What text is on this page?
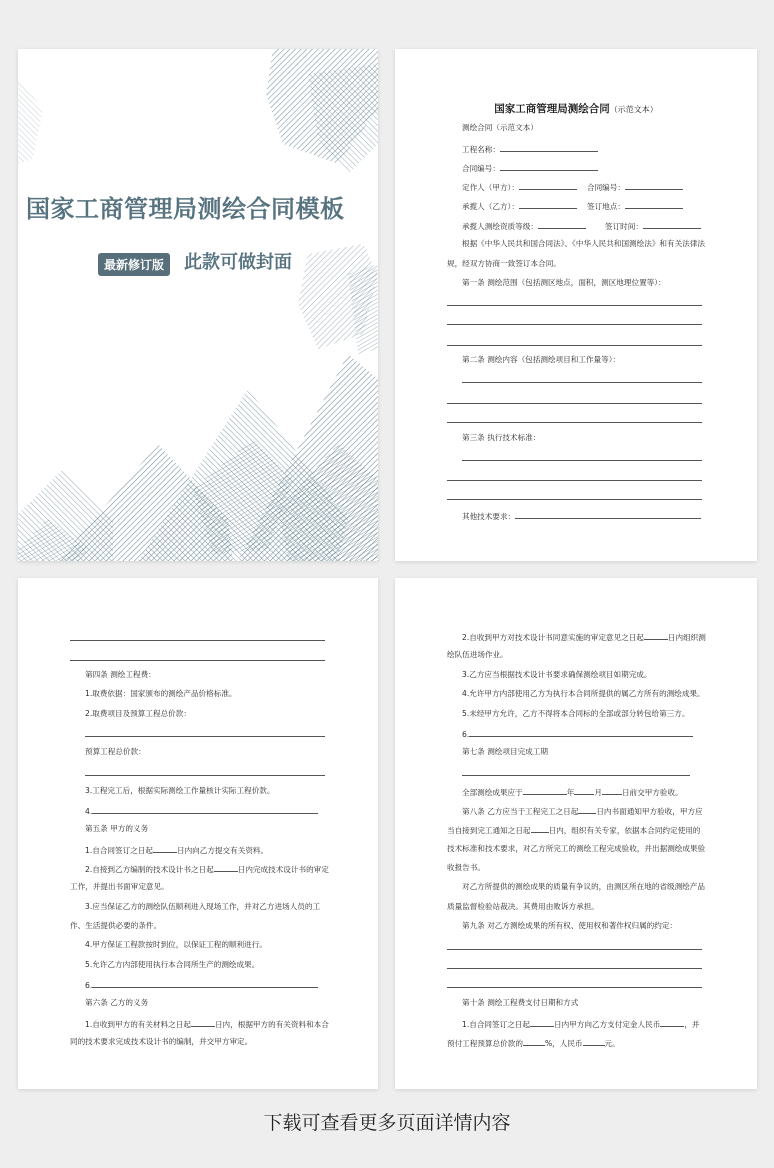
国家工商管理局测绘合同模板
最新修订版	此款可做封面
国家工商管理局测绘合同（示范文本）
测绘合同（示范文本）
工程名称：
合同编号：
定作人（甲方）：	合同编号：
承揽人（乙方）：	签订地点：
承揽人测绘资质等级：	签订时间：
根据《中华人民共和国合同法》、《中华人民共和国测绘法》和有关法律法
规，经双方协商一致签订本合同。
第一条 测绘范围（包括测区地点，面积，测区地理位置等）：
第二条 测绘内容（包括测绘项目和工作量等）：
第三条 执行技术标准：
其他技术要求：
第四条 测绘工程费：
1.取费依据：国家颁布的测绘产品价格标准。
2.取费项目及预算工程总价款：
预算工程总价款：
3.工程完工后，根据实际测绘工作量核计实际工程价款。
4.
第五条 甲方的义务
1.自合同签订之日起	日内向乙方提交有关资料。
2.自接到乙方编制的技术设计书之日起	日内完成技术设计书的审定
工作，并提出书面审定意见。
3.应当保证乙方的测绘队伍顺利进入现场工作，并对乙方进场人员的工
作、生活提供必要的条件。
4.甲方保证工程款按时到位，以保证工程的顺利进行。
5.允许乙方内部使用执行本合同所生产的测绘成果。
6.
第六条 乙方的义务
1.自收到甲方的有关材料之日起	日内，根据甲方的有关资料和本合
同的技术要求完成技术设计书的编制，并交甲方审定。
2.自收到甲方对技术设计书同意实施的审定意见之日起	日内组织测
绘队伍进场作业。
3.乙方应当根据技术设计书要求确保测绘项目如期完成。
4.允许甲方内部使用乙方为执行本合同所提供的属乙方所有的测绘成果。
5.未经甲方允许，乙方不得将本合同标的全部或部分转包给第三方。
6.
第七条 测绘项目完成工期
全部测绘成果应于	年	月	日前交甲方验收。
第八条 乙方应当于工程完工之日起 日内书面通知甲方验收，甲方应
当自接到完工通知之日起 日内，组织有关专家，依据本合同约定使用的
技术标准和技术要求，对乙方所完工的测绘工程完成验收，并出据测绘成果验
收报告书。
对乙方所提供的测绘成果的质量有争议的，由测区所在地的省级测绘产品
质量监督检验站裁决。其费用由败诉方承担。
第九条 对乙方测绘成果的所有权、使用权和著作权归属的约定：
第十条 测绘工程费支付日期和方式
1.自合同签订之日起	日内甲方向乙方支付定金人民币	，并
预付工程预算总价款的	%，人民币	元。
下载可查看更多页面详情内容
